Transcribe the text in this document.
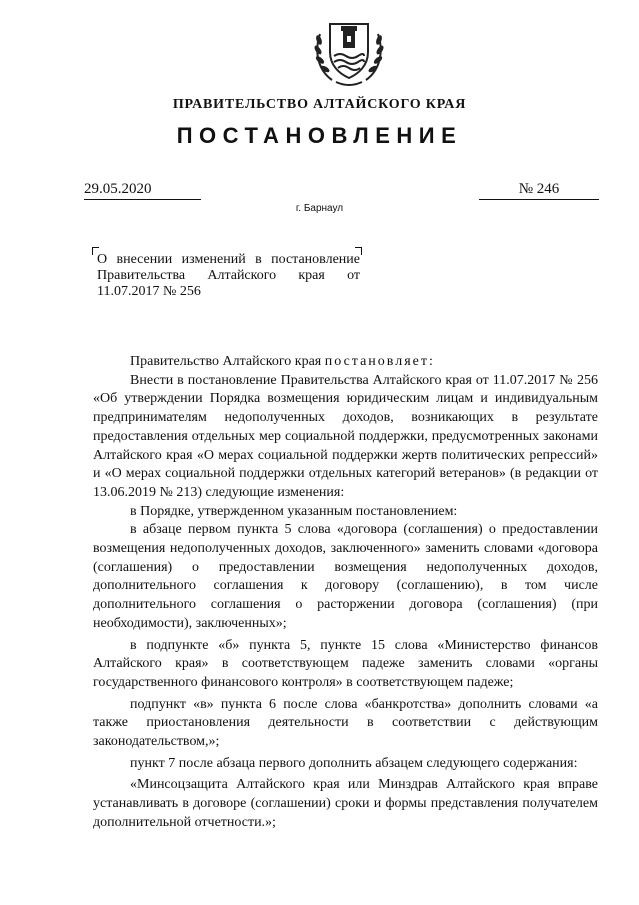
ПРАВИТЕЛЬСТВО АЛТАЙСКОГО КРАЯ
ПОСТАНОВЛЕНИЕ
29.05.2020	№ 246
г. Барнаул
О внесении изменений в постановление Правительства Алтайского края от 11.07.2017 № 256

Правительство Алтайского края постановляет:

Внести в постановление Правительства Алтайского края от 11.07.2017 № 256 «Об утверждении Порядка возмещения юридическим лицам и индивидуальным предпринимателям недополученных доходов, возникающих в результате предоставления отдельных мер социальной поддержки, предусмотренных законами Алтайского края «О мерах социальной поддержки жертв политических репрессий» и «О мерах социальной поддержки отдельных категорий ветеранов» (в редакции от 13.06.2019 № 213) следующие изменения:

в Порядке, утвержденном указанным постановлением:

в абзаце первом пункта 5 слова «договора (соглашения) о предоставлении возмещения недополученных доходов, заключенного» заменить словами «договора (соглашения) о предоставлении возмещения недополученных доходов, дополнительного соглашения к договору (соглашению), в том числе дополнительного соглашения о расторжении договора (соглашения) (при необходимости), заключенных»;

в подпункте «б» пункта 5, пункте 15 слова «Министерство финансов Алтайского края» в соответствующем падеже заменить словами «органы государственного финансового контроля» в соответствующем падеже;

подпункт «в» пункта 6 после слова «банкротства» дополнить словами «а также приостановления деятельности в соответствии с действующим законодательством,»;

пункт 7 после абзаца первого дополнить абзацем следующего содержания:

«Минсоцзащита Алтайского края или Минздрав Алтайского края вправе устанавливать в договоре (соглашении) сроки и формы представления получателем дополнительной отчетности.»;
